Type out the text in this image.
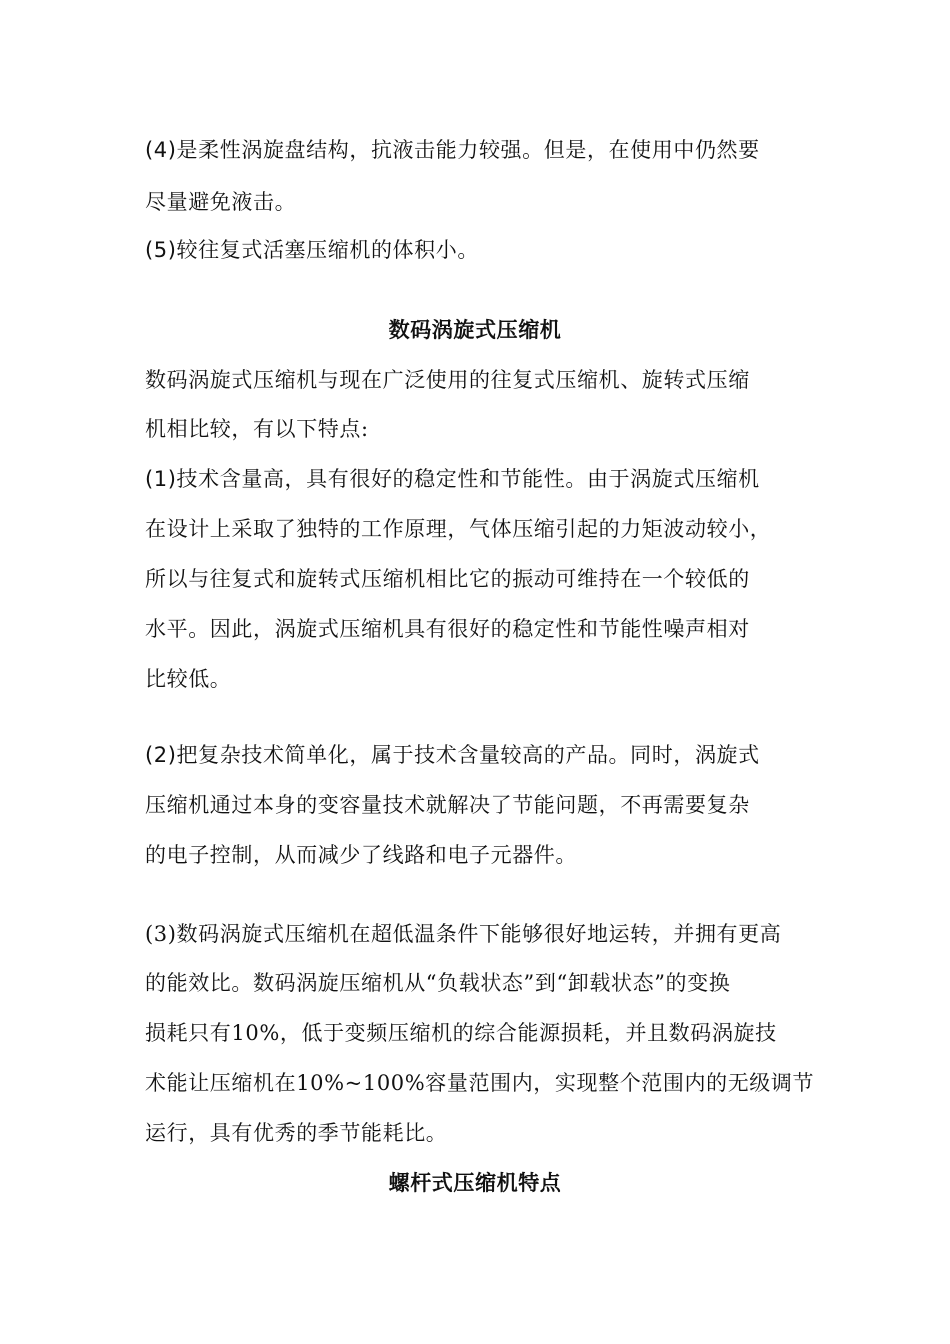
(4)是柔性涡旋盘结构，抗液击能力较强。但是，在使用中仍然要
尽量避免液击。
(5)较往复式活塞压缩机的体积小。
数码涡旋式压缩机
数码涡旋式压缩机与现在广泛使用的往复式压缩机、旋转式压缩
机相比较，有以下特点:
(1)技术含量高，具有很好的稳定性和节能性。由于涡旋式压缩机
在设计上采取了独特的工作原理，气体压缩引起的力矩波动较小，
所以与往复式和旋转式压缩机相比它的振动可维持在一个较低的
水平。因此，涡旋式压缩机具有很好的稳定性和节能性噪声相对
比较低。
(2)把复杂技术简单化，属于技术含量较高的产品。同时，涡旋式
压缩机通过本身的变容量技术就解决了节能问题，不再需要复杂
的电子控制，从而减少了线路和电子元器件。
(3)数码涡旋式压缩机在超低温条件下能够很好地运转，并拥有更高
的能效比。数码涡旋压缩机从“负载状态”到“卸载状态”的变换
损耗只有10%，低于变频压缩机的综合能源损耗，并且数码涡旋技
术能让压缩机在10%~100%容量范围内，实现整个范围内的无级调节
运行，具有优秀的季节能耗比。
螺杆式压缩机特点
